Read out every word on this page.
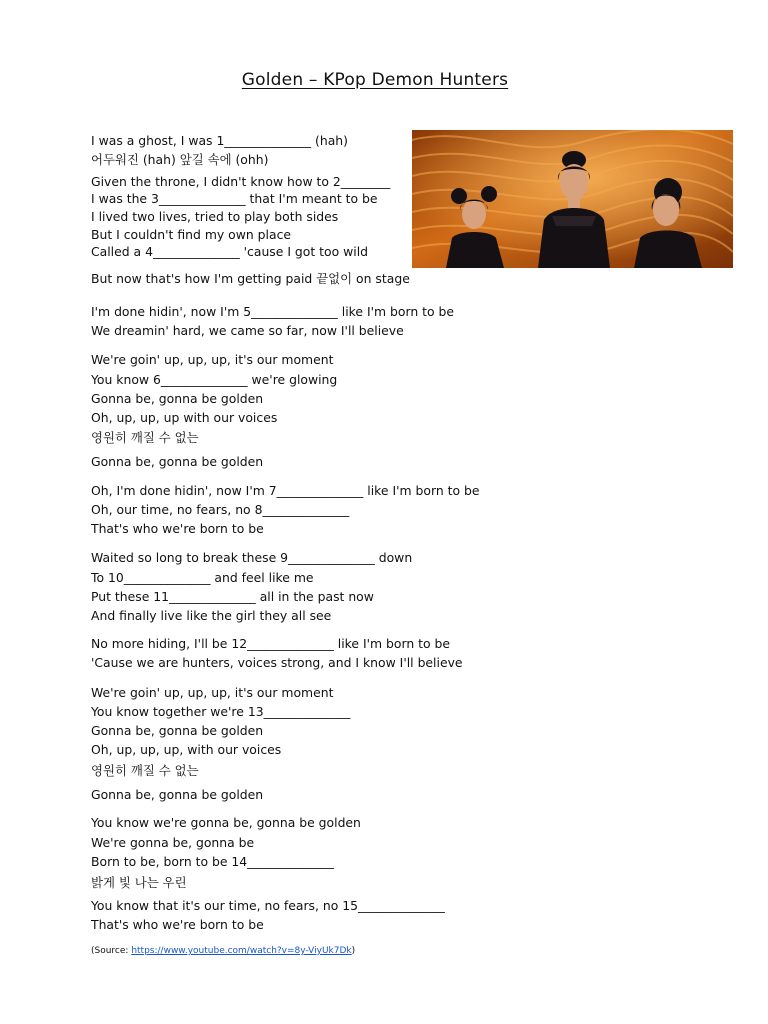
Golden – KPop Demon Hunters
I was a ghost, I was 1______________ (hah)
어두워진 (hah) 앞길 속에 (ohh)
Given the throne, I didn't know how to 2________
I was the 3______________ that I'm meant to be
I lived two lives, tried to play both sides
But I couldn't find my own place
Called a 4______________ 'cause I got too wild
But now that's how I'm getting paid 끝없이 on stage
I'm done hidin', now I'm 5______________ like I'm born to be
We dreamin' hard, we came so far, now I'll believe
We're goin' up, up, up, it's our moment
You know 6______________ we're glowing
Gonna be, gonna be golden
Oh, up, up, up with our voices
영원히 깨질 수 없는
Gonna be, gonna be golden
Oh, I'm done hidin', now I'm 7______________ like I'm born to be
Oh, our time, no fears, no 8______________
That's who we're born to be
Waited so long to break these 9______________ down
To 10______________ and feel like me
Put these 11______________ all in the past now
And finally live like the girl they all see
No more hiding, I'll be 12______________ like I'm born to be
'Cause we are hunters, voices strong, and I know I'll believe
We're goin' up, up, up, it's our moment
You know together we're 13______________
Gonna be, gonna be golden
Oh, up, up, up, with our voices
영원히 깨질 수 없는
Gonna be, gonna be golden
You know we're gonna be, gonna be golden
We're gonna be, gonna be
Born to be, born to be 14______________
밝게 빛 나는 우린
You know that it's our time, no fears, no 15______________
That's who we're born to be
(Source: https://www.youtube.com/watch?v=8y-ViyUk7Dk)
